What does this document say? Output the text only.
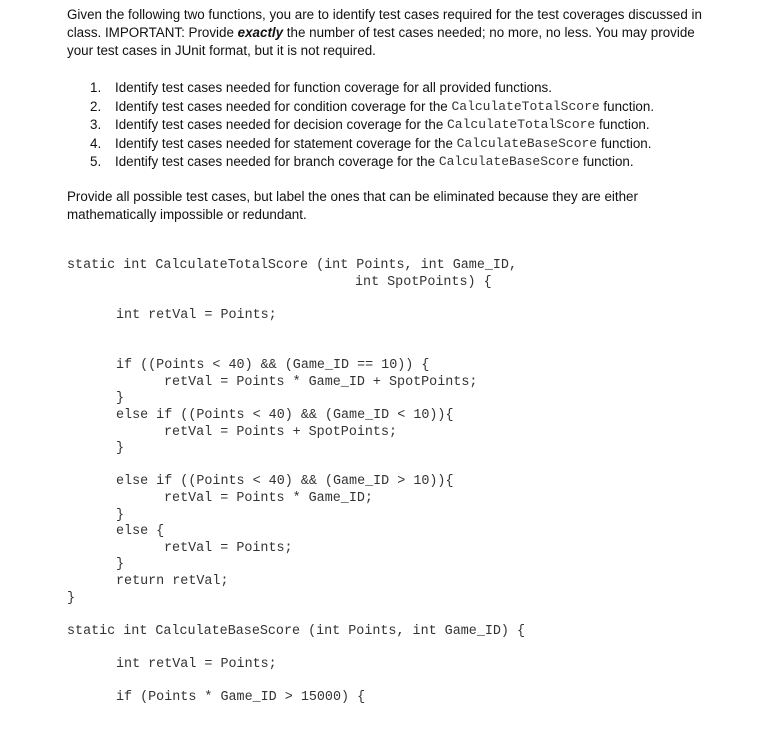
Given the following two functions, you are to identify test cases required for the test coverages discussed in class. IMPORTANT: Provide exactly the number of test cases needed; no more, no less. You may provide your test cases in JUnit format, but it is not required.

1.	Identify test cases needed for function coverage for all provided functions.
2.	Identify test cases needed for condition coverage for the CalculateTotalScore function.
3.	Identify test cases needed for decision coverage for the CalculateTotalScore function.
4.	Identify test cases needed for statement coverage for the CalculateBaseScore function.
5.	Identify test cases needed for branch coverage for the CalculateBaseScore function.

Provide all possible test cases, but label the ones that can be eliminated because they are either mathematically impossible or redundant.

static int CalculateTotalScore (int Points, int Game_ID,
int SpotPoints) {
int retVal = Points;
if ((Points < 40) && (Game_ID == 10)) {
retVal = Points * Game_ID + SpotPoints;
}
else if ((Points < 40) && (Game_ID < 10)){
retVal = Points + SpotPoints;
}
else if ((Points < 40) && (Game_ID > 10)){
retVal = Points * Game_ID;
}
else {
retVal = Points;
}
return retVal;
}
static int CalculateBaseScore (int Points, int Game_ID) {
int retVal = Points;
if (Points * Game_ID > 15000) {
